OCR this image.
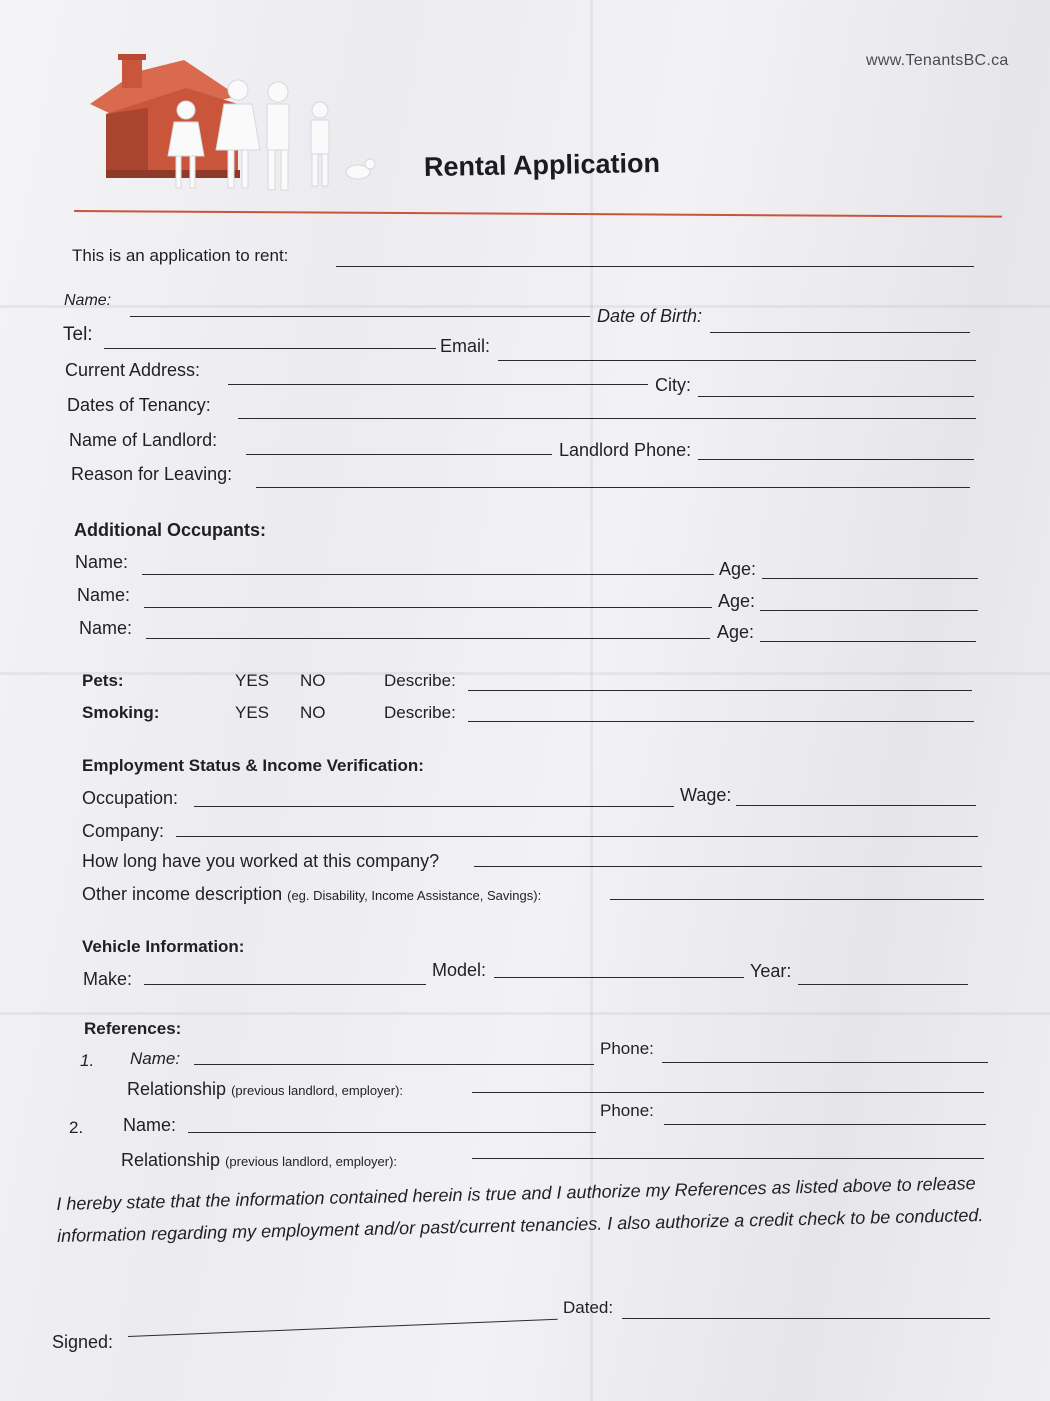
www.TenantsBC.ca
Rental Application
This is an application to rent:
Name:
Date of Birth:
Tel:
Email:
Current Address:
City:
Dates of Tenancy:
Name of Landlord:	Landlord Phone:
Reason for Leaving:
Additional Occupants:
Name:	Age:
Name:	Age:
Name:	Age:
Pets:	YES NO	Describe:
Smoking:	YES NO	Describe:
Employment Status & Income Verification:
Occupation:	Wage:
Company:
How long have you worked at this company?
Other income description (eg. Disability, Income Assistance, Savings):
Vehicle Information:
Make:	Model:	Year:
References:
1. Name:
Phone:
Relationship (previous landlord, employer):
2. Name:
Phone:
Relationship (previous landlord, employer):
I hereby state that the information contained herein is true and I authorize my References as listed above to release information regarding my employment and/or past/current tenancies. I also authorize a credit check to be conducted.
Dated:
Signed:
